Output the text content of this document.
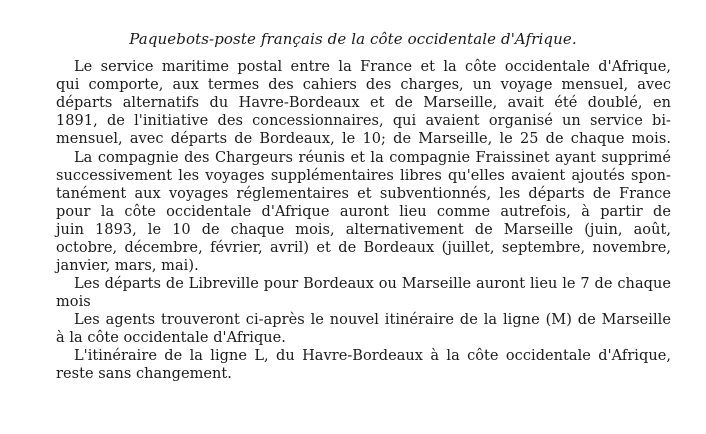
Paquebots-poste français de la côte occidentale d'Afrique.
Le service maritime postal entre la France et la côte occidentale d'Afrique,
qui comporte, aux termes des cahiers des charges, un voyage mensuel, avec
départs alternatifs du Havre-Bordeaux et de Marseille, avait été doublé, en
1891, de l'initiative des concessionnaires, qui avaient organisé un service bi-
mensuel, avec départs de Bordeaux, le 10; de Marseille, le 25 de chaque mois.
La compagnie des Chargeurs réunis et la compagnie Fraissinet ayant supprimé
successivement les voyages supplémentaires libres qu'elles avaient ajoutés spon-
tanément aux voyages réglementaires et subventionnés, les départs de France
pour la côte occidentale d'Afrique auront lieu comme autrefois, à partir de
juin 1893, le 10 de chaque mois, alternativement de Marseille (juin, août,
octobre, décembre, février, avril) et de Bordeaux (juillet, septembre, novembre,
janvier, mars, mai).
Les départs de Libreville pour Bordeaux ou Marseille auront lieu le 7 de chaque
mois
Les agents trouveront ci-après le nouvel itinéraire de la ligne (M) de Marseille
à la côte occidentale d'Afrique.
L'itinéraire de la ligne L, du Havre-Bordeaux à la côte occidentale d'Afrique,
reste sans changement.
